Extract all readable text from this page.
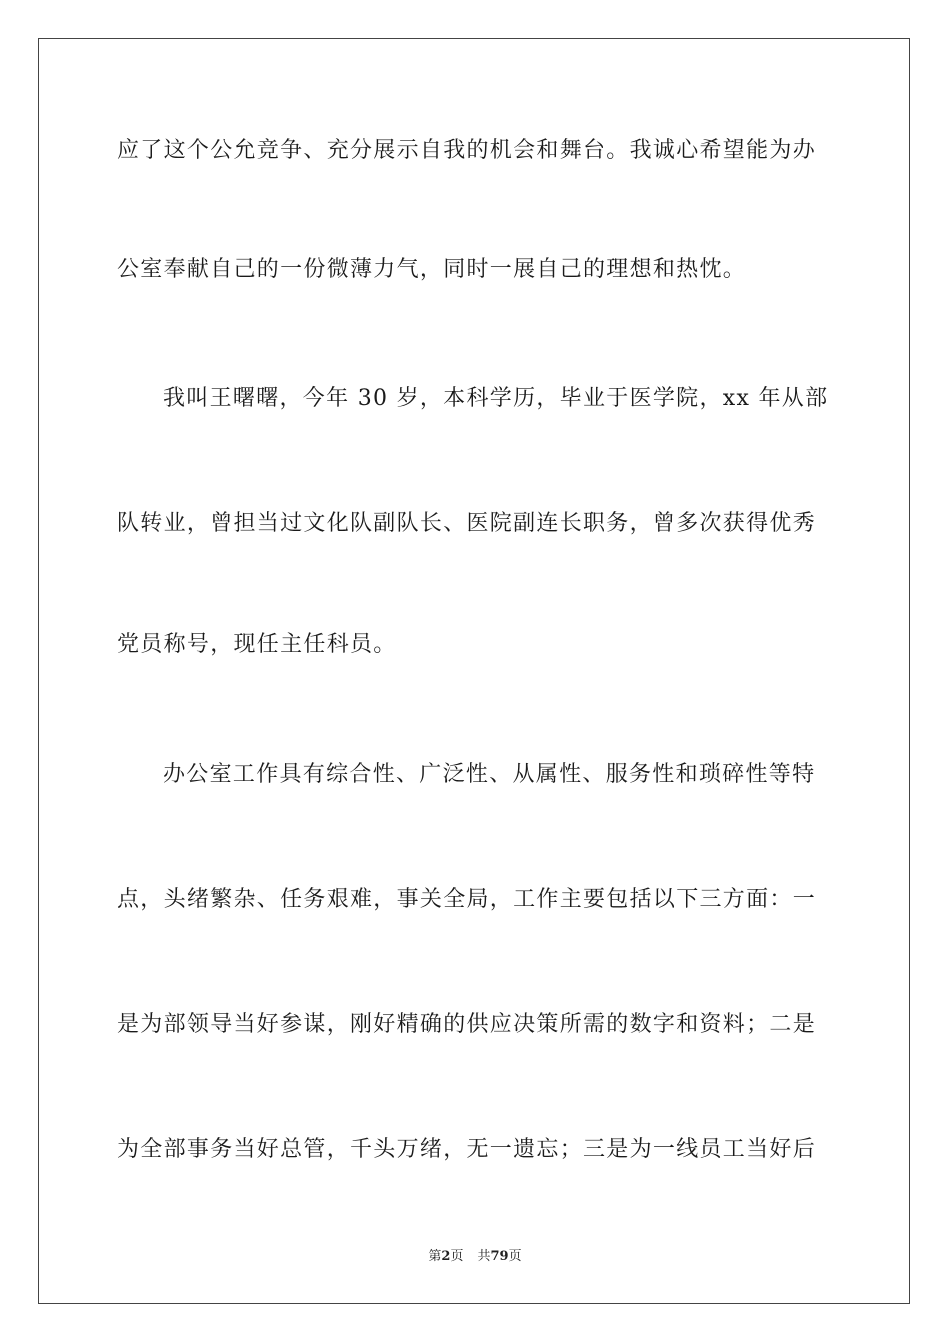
应了这个公允竞争、充分展示自我的机会和舞台。我诚心希望能为办
公室奉献自己的一份微薄力气，同时一展自己的理想和热忱。
我叫王曙曙，今年 30 岁，本科学历，毕业于医学院，xx 年从部
队转业，曾担当过文化队副队长、医院副连长职务，曾多次获得优秀
党员称号，现任主任科员。
办公室工作具有综合性、广泛性、从属性、服务性和琐碎性等特
点，头绪繁杂、任务艰难，事关全局，工作主要包括以下三方面：一
是为部领导当好参谋，刚好精确的供应决策所需的数字和资料；二是
为全部事务当好总管，千头万绪，无一遗忘；三是为一线员工当好后
第2页 共79页
